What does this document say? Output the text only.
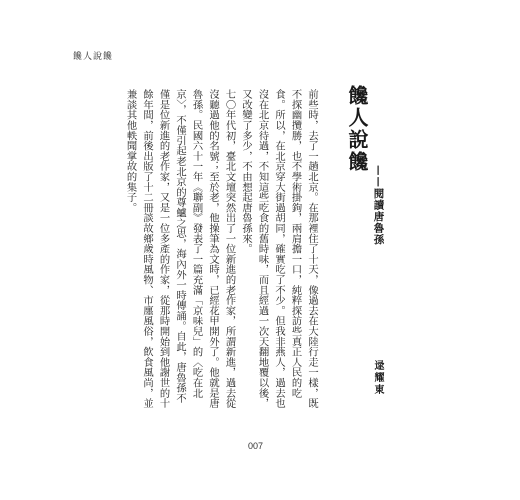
饞人說饞
饞人說饞
——閱讀唐魯孫
逯耀東

前些時，去了一趟北京。在那裡住了十天，像過去在大陸行走一樣，既不探幽攬勝，也不學術掛鉤，兩肩擔一口，純粹探訪些真正人民的吃食。所以，在北京穿大街過胡同，確實吃了不少。但我非燕人，過去也沒在北京待過，不知這些吃食的舊時味，而且經過一次天翻地覆以後，又改變了多少，不由想起唐魯孫來。

七〇年代初，臺北文壇突然出了一位新進的老作家，所謂新進，過去從沒聽過他的名號；至於老，他操筆為文時，已經花甲開外了。他就是唐魯孫。民國六十一年《聯副》發表了一篇充滿「京味兒」的〈吃在北京〉，不僅引起老北京的尊鱸之思，海內外一時傳誦。自此，唐魯孫不僅是位新進的老作家，又是一位多產的作家，從那時開始到他謝世的十餘年間，前後出版了十二冊談故鄉歲時風物、市廛風俗，飲食風尚，並兼談其他軼聞掌故的集子。

007
